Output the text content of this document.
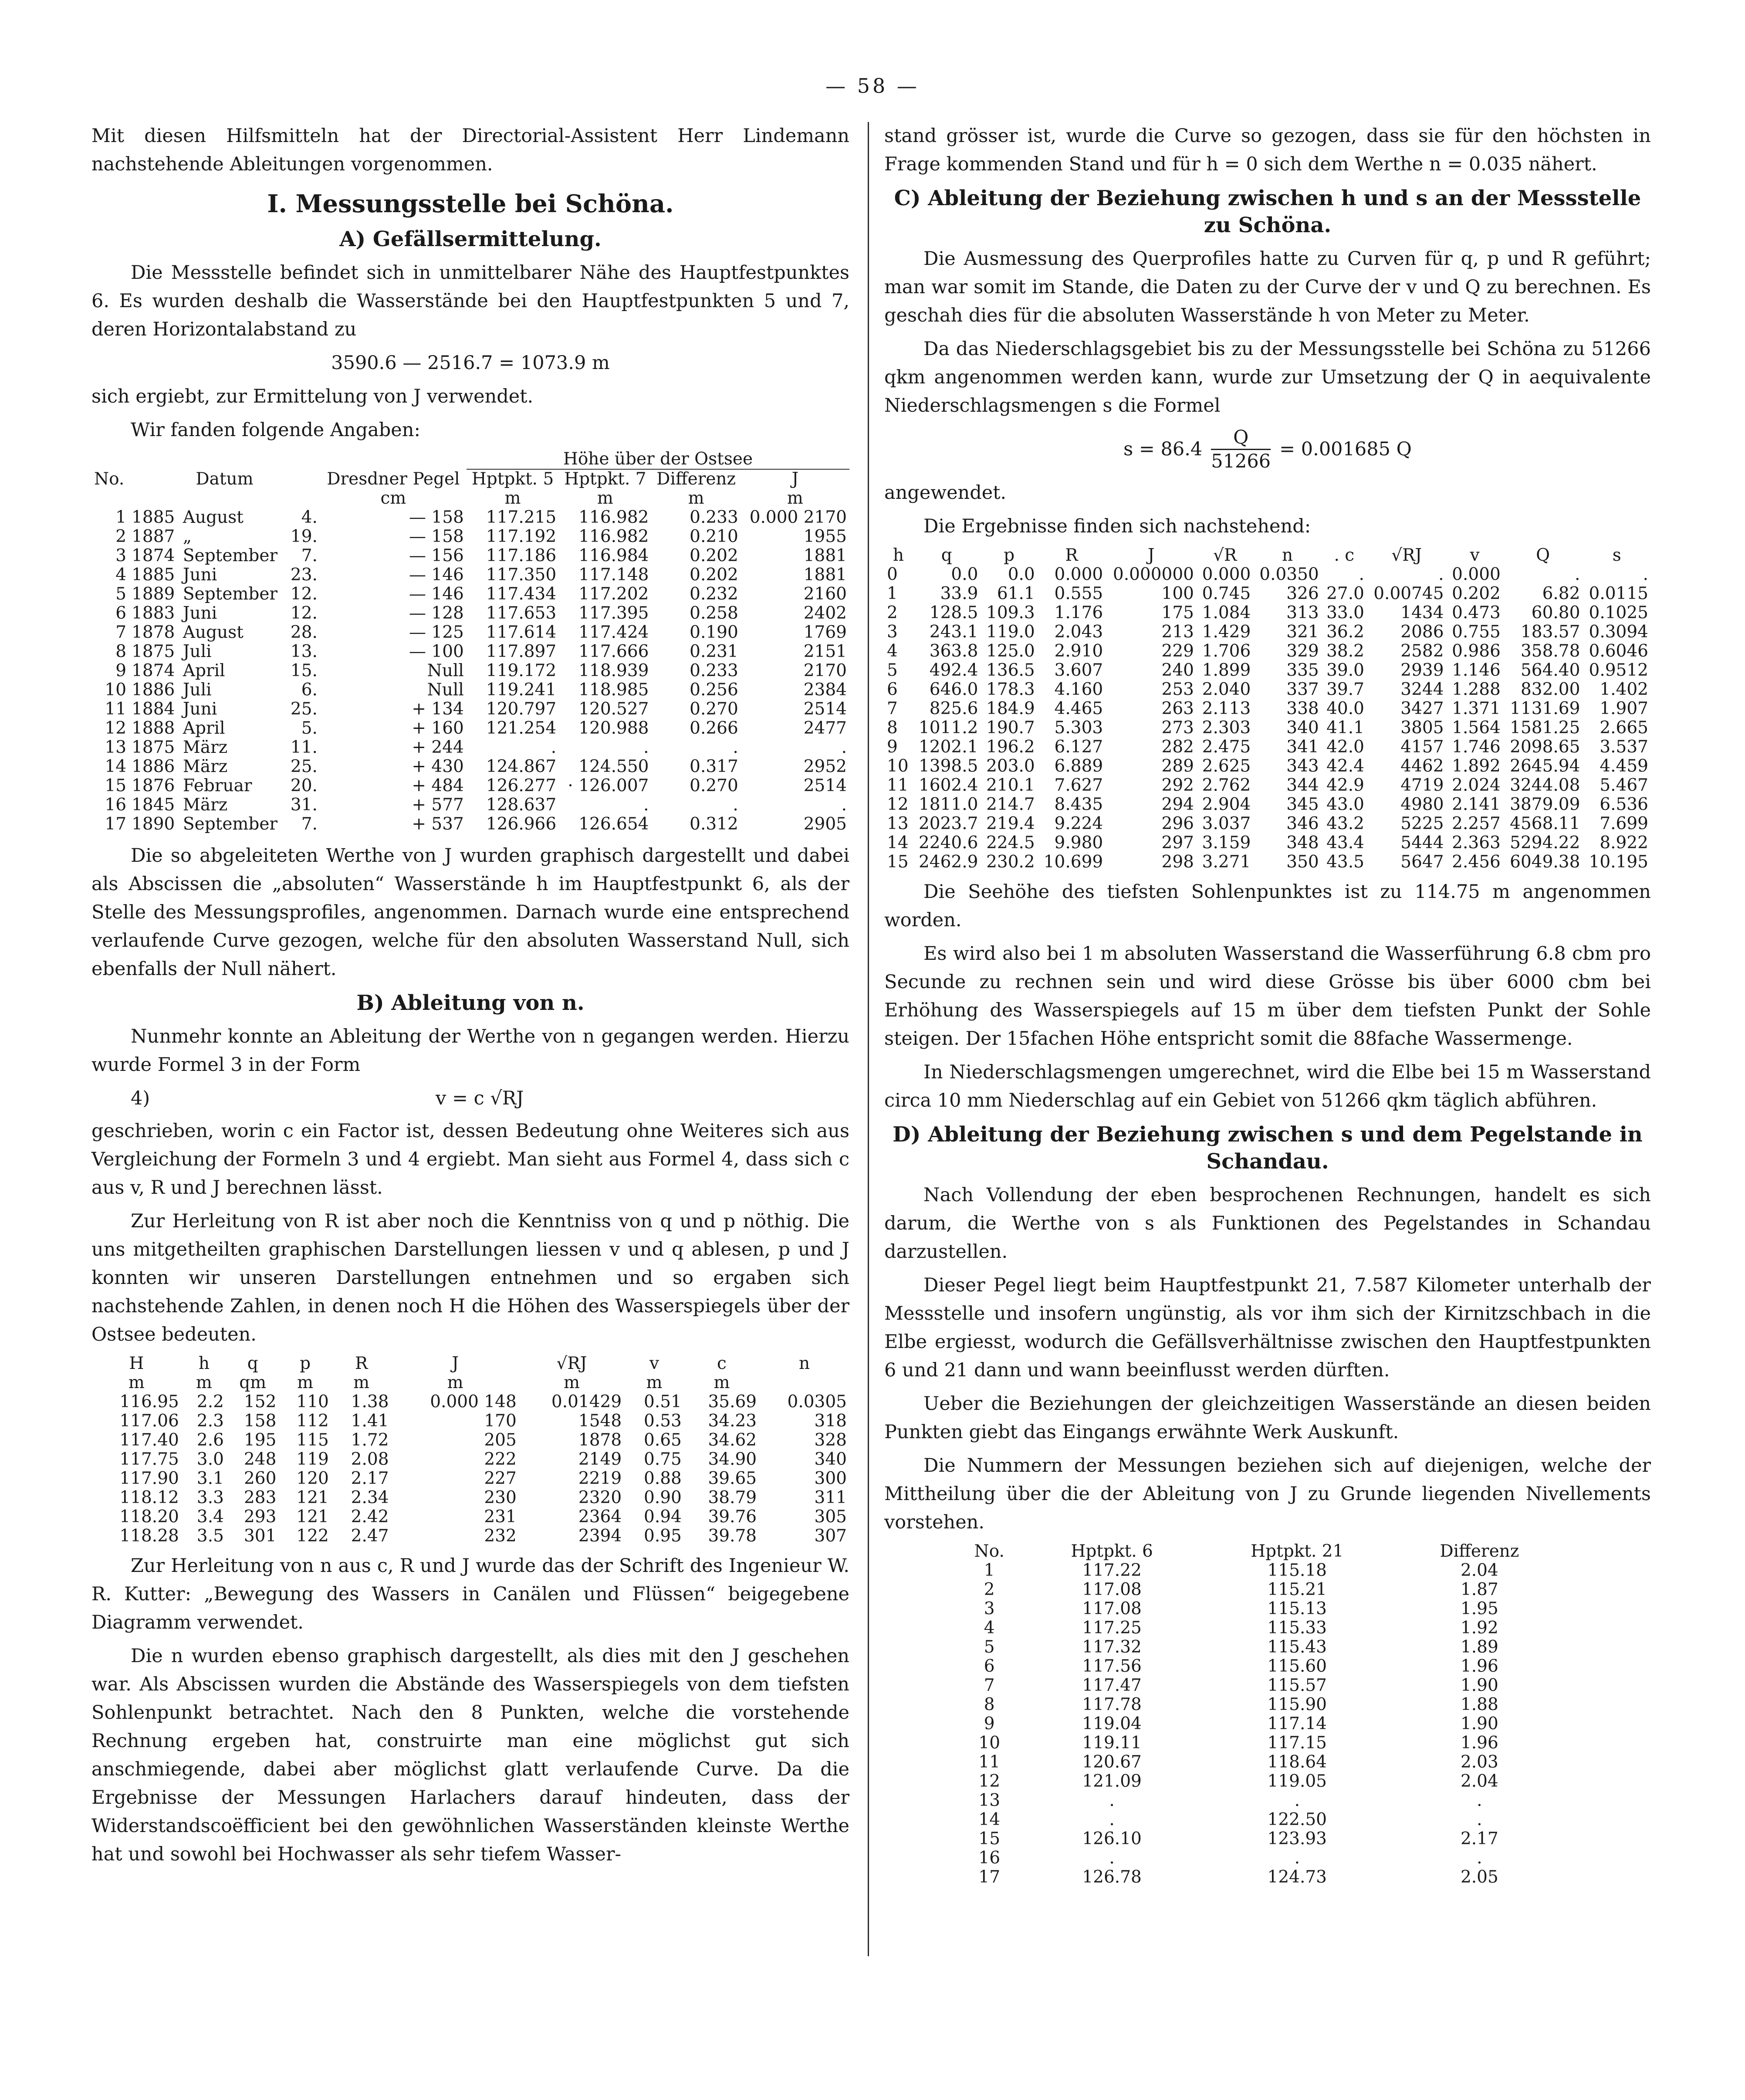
— 58 —

Mit diesen Hilfsmitteln hat der Directorial-Assistent Herr Lindemann nachstehende Ableitungen vorgenommen.

I. Messungsstelle bei Schöna.
A) Gefällsermittelung.

Die Messstelle befindet sich in unmittelbarer Nähe des Hauptfestpunktes 6. Es wurden deshalb die Wasserstände bei den Hauptfestpunkten 5 und 7, deren Horizontalabstand zu

3590.6 — 2516.7 = 1073.9 m

sich ergiebt, zur Ermittelung von J verwendet.

Wir fanden folgende Angaben:

					Höhe über der Ostsee			
No.	Datum			Dresdner Pegel	Hptpkt. 5	Hptpkt. 7	Differenz	J
				cm	m	m	m	m
1	1885	August	4.	— 158	117.215	116.982	0.233	0.000 2170
2	1887	„	19.	— 158	117.192	116.982	0.210	1955
3	1874	September	7.	— 156	117.186	116.984	0.202	1881
4	1885	Juni	23.	— 146	117.350	117.148	0.202	1881
5	1889	September	12.	— 146	117.434	117.202	0.232	2160
6	1883	Juni	12.	— 128	117.653	117.395	0.258	2402
7	1878	August	28.	— 125	117.614	117.424	0.190	1769
8	1875	Juli	13.	— 100	117.897	117.666	0.231	2151
9	1874	April	15.	Null	119.172	118.939	0.233	2170
10	1886	Juli	6.	Null	119.241	118.985	0.256	2384
11	1884	Juni	25.	+ 134	120.797	120.527	0.270	2514
12	1888	April	5.	+ 160	121.254	120.988	0.266	2477
13	1875	März	11.	+ 244	.	.	.	.
14	1886	März	25.	+ 430	124.867	124.550	0.317	2952
15	1876	Februar	20.	+ 484	126.277	· 126.007	0.270	2514
16	1845	März	31.	+ 577	128.637	.	.	.
17	1890	September	7.	+ 537	126.966	126.654	0.312	2905

Die so abgeleiteten Werthe von J wurden graphisch dargestellt und dabei als Abscissen die „absoluten“ Wasserstände h im Hauptfestpunkt 6, als der Stelle des Messungsprofiles, angenommen. Darnach wurde eine entsprechend verlaufende Curve gezogen, welche für den absoluten Wasserstand Null, sich ebenfalls der Null nähert.

B) Ableitung von n.

Nunmehr konnte an Ableitung der Werthe von n gegangen werden. Hierzu wurde Formel 3 in der Form

4)	v = c √RJ

geschrieben, worin c ein Factor ist, dessen Bedeutung ohne Weiteres sich aus Vergleichung der Formeln 3 und 4 ergiebt. Man sieht aus Formel 4, dass sich c aus v, R und J berechnen lässt.

Zur Herleitung von R ist aber noch die Kenntniss von q und p nöthig. Die uns mitgetheilten graphischen Darstellungen liessen v und q ablesen, p und J konnten wir unseren Darstellungen entnehmen und so ergaben sich nachstehende Zahlen, in denen noch H die Höhen des Wasserspiegels über der Ostsee bedeuten.

H	h	q	p	R	J	√RJ	v	c	n
m	m	qm	m	m	m	m	m	m	
116.95	2.2	152	110	1.38	0.000 148	0.01429	0.51	35.69	0.0305
117.06	2.3	158	112	1.41	170	1548	0.53	34.23	318
117.40	2.6	195	115	1.72	205	1878	0.65	34.62	328
117.75	3.0	248	119	2.08	222	2149	0.75	34.90	340
117.90	3.1	260	120	2.17	227	2219	0.88	39.65	300
118.12	3.3	283	121	2.34	230	2320	0.90	38.79	311
118.20	3.4	293	121	2.42	231	2364	0.94	39.76	305
118.28	3.5	301	122	2.47	232	2394	0.95	39.78	307

Zur Herleitung von n aus c, R und J wurde das der Schrift des Ingenieur W. R. Kutter: „Bewegung des Wassers in Canälen und Flüssen“ beigegebene Diagramm verwendet.

Die n wurden ebenso graphisch dargestellt, als dies mit den J geschehen war. Als Abscissen wurden die Abstände des Wasserspiegels von dem tiefsten Sohlenpunkt betrachtet. Nach den 8 Punkten, welche die vorstehende Rechnung ergeben hat, construirte man eine möglichst gut sich anschmiegende, dabei aber möglichst glatt verlaufende Curve. Da die Ergebnisse der Messungen Harlachers darauf hindeuten, dass der Widerstandscoëfficient bei den gewöhnlichen Wasserständen kleinste Werthe hat und sowohl bei Hochwasser als sehr tiefem Wasser-

stand grösser ist, wurde die Curve so gezogen, dass sie für den höchsten in Frage kommenden Stand und für h = 0 sich dem Werthe n = 0.035 nähert.

C) Ableitung der Beziehung zwischen h und s an der Messstelle zu Schöna.

Die Ausmessung des Querprofiles hatte zu Curven für q, p und R geführt; man war somit im Stande, die Daten zu der Curve der v und Q zu berechnen. Es geschah dies für die absoluten Wasserstände h von Meter zu Meter.

Da das Niederschlagsgebiet bis zu der Messungsstelle bei Schöna zu 51266 qkm angenommen werden kann, wurde zur Umsetzung der Q in aequivalente Niederschlagsmengen s die Formel

$s = 86.4 \frac{Q}{51266} = 0.001685$ Q

angewendet.

Die Ergebnisse finden sich nachstehend:

h	q	p	R	J	√R	n	. c	√RJ	v	Q	s
0	0.0	0.0	0.000	0.000000	0.000	0.0350	.	.	0.000	.	.
1	33.9	61.1	0.555	100	0.745	326	27.0	0.00745	0.202	6.82	0.0115
2	128.5	109.3	1.176	175	1.084	313	33.0	1434	0.473	60.80	0.1025
3	243.1	119.0	2.043	213	1.429	321	36.2	2086	0.755	183.57	0.3094
4	363.8	125.0	2.910	229	1.706	329	38.2	2582	0.986	358.78	0.6046
5	492.4	136.5	3.607	240	1.899	335	39.0	2939	1.146	564.40	0.9512
6	646.0	178.3	4.160	253	2.040	337	39.7	3244	1.288	832.00	1.402
7	825.6	184.9	4.465	263	2.113	338	40.0	3427	1.371	1131.69	1.907
8	1011.2	190.7	5.303	273	2.303	340	41.1	3805	1.564	1581.25	2.665
9	1202.1	196.2	6.127	282	2.475	341	42.0	4157	1.746	2098.65	3.537
10	1398.5	203.0	6.889	289	2.625	343	42.4	4462	1.892	2645.94	4.459
11	1602.4	210.1	7.627	292	2.762	344	42.9	4719	2.024	3244.08	5.467
12	1811.0	214.7	8.435	294	2.904	345	43.0	4980	2.141	3879.09	6.536
13	2023.7	219.4	9.224	296	3.037	346	43.2	5225	2.257	4568.11	7.699
14	2240.6	224.5	9.980	297	3.159	348	43.4	5444	2.363	5294.22	8.922
15	2462.9	230.2	10.699	298	3.271	350	43.5	5647	2.456	6049.38	10.195

Die Seehöhe des tiefsten Sohlenpunktes ist zu 114.75 m angenommen worden.

Es wird also bei 1 m absoluten Wasserstand die Wasserführung 6.8 cbm pro Secunde zu rechnen sein und wird diese Grösse bis über 6000 cbm bei Erhöhung des Wasserspiegels auf 15 m über dem tiefsten Punkt der Sohle steigen. Der 15fachen Höhe entspricht somit die 88fache Wassermenge.

In Niederschlagsmengen umgerechnet, wird die Elbe bei 15 m Wasserstand circa 10 mm Niederschlag auf ein Gebiet von 51266 qkm täglich abführen.

D) Ableitung der Beziehung zwischen s und dem Pegelstande in Schandau.

Nach Vollendung der eben besprochenen Rechnungen, handelt es sich darum, die Werthe von s als Funktionen des Pegelstandes in Schandau darzustellen.

Dieser Pegel liegt beim Hauptfestpunkt 21, 7.587 Kilometer unterhalb der Messstelle und insofern ungünstig, als vor ihm sich der Kirnitzschbach in die Elbe ergiesst, wodurch die Gefällsverhältnisse zwischen den Hauptfestpunkten 6 und 21 dann und wann beeinflusst werden dürften.

Ueber die Beziehungen der gleichzeitigen Wasserstände an diesen beiden Punkten giebt das Eingangs erwähnte Werk Auskunft.

Die Nummern der Messungen beziehen sich auf diejenigen, welche der Mittheilung über die der Ableitung von J zu Grunde liegenden Nivellements vorstehen.

No.	Hptpkt. 6	Hptpkt. 21	Differenz
1	117.22	115.18	2.04
2	117.08	115.21	1.87
3	117.08	115.13	1.95
4	117.25	115.33	1.92
5	117.32	115.43	1.89
6	117.56	115.60	1.96
7	117.47	115.57	1.90
8	117.78	115.90	1.88
9	119.04	117.14	1.90
10	119.11	117.15	1.96
11	120.67	118.64	2.03
12	121.09	119.05	2.04
13	.	.	.
14	.	122.50	.
15	126.10	123.93	2.17
16	.	.	.
17	126.78	124.73	2.05
